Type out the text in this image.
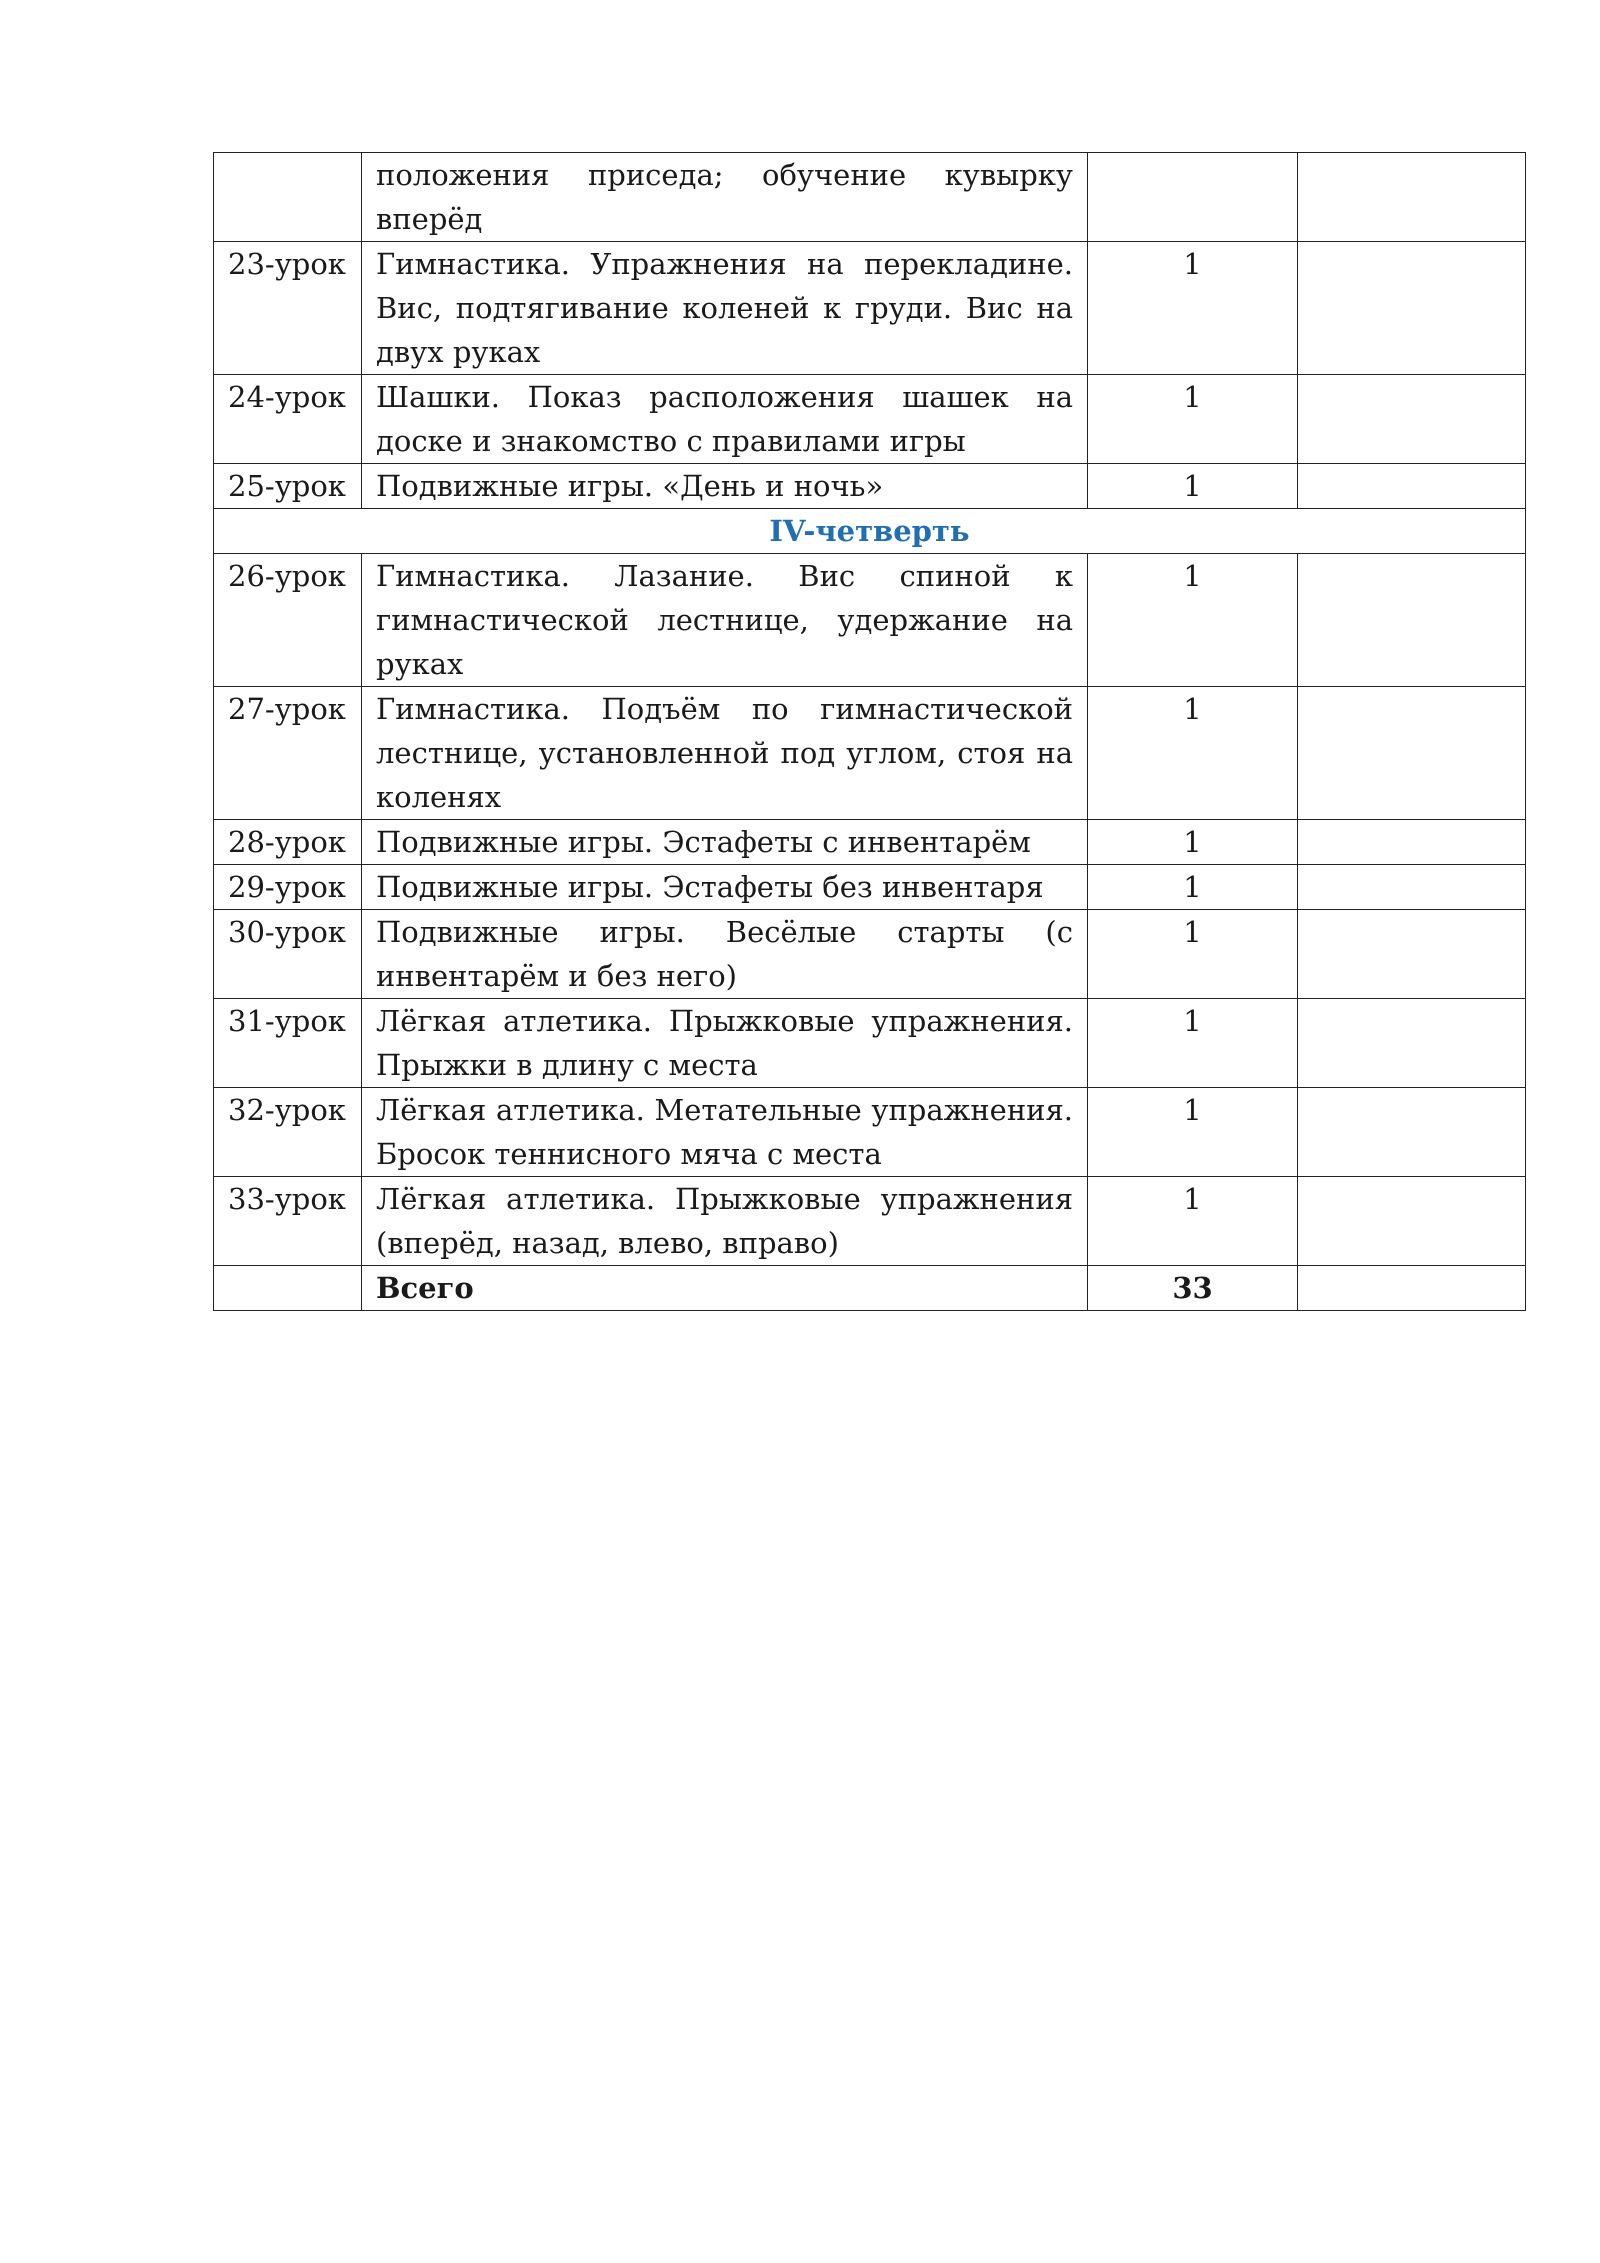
	положения приседа; обучение кувырку вперёд		
23-урок	Гимнастика. Упражнения на перекладине. Вис, подтягивание коленей к груди. Вис на двух руках	1	
24-урок	Шашки. Показ расположения шашек на доске и знакомство с правилами игры	1	
25-урок	Подвижные игры. «День и ночь»	1	
IV-четверть			
26-урок	Гимнастика. Лазание. Вис спиной к гимнастической лестнице, удержание на руках	1	
27-урок	Гимнастика. Подъём по гимнастической лестнице, установленной под углом, стоя на коленях	1	
28-урок	Подвижные игры. Эстафеты с инвентарём	1	
29-урок	Подвижные игры. Эстафеты без инвентаря	1	
30-урок	Подвижные игры. Весёлые старты (с инвентарём и без него)	1	
31-урок	Лёгкая атлетика. Прыжковые упражнения. Прыжки в длину с места	1	
32-урок	Лёгкая атлетика. Метательные упражнения. Бросок теннисного мяча с места	1	
33-урок	Лёгкая атлетика. Прыжковые упражнения (вперёд, назад, влево, вправо)	1	
	Всего	33	
